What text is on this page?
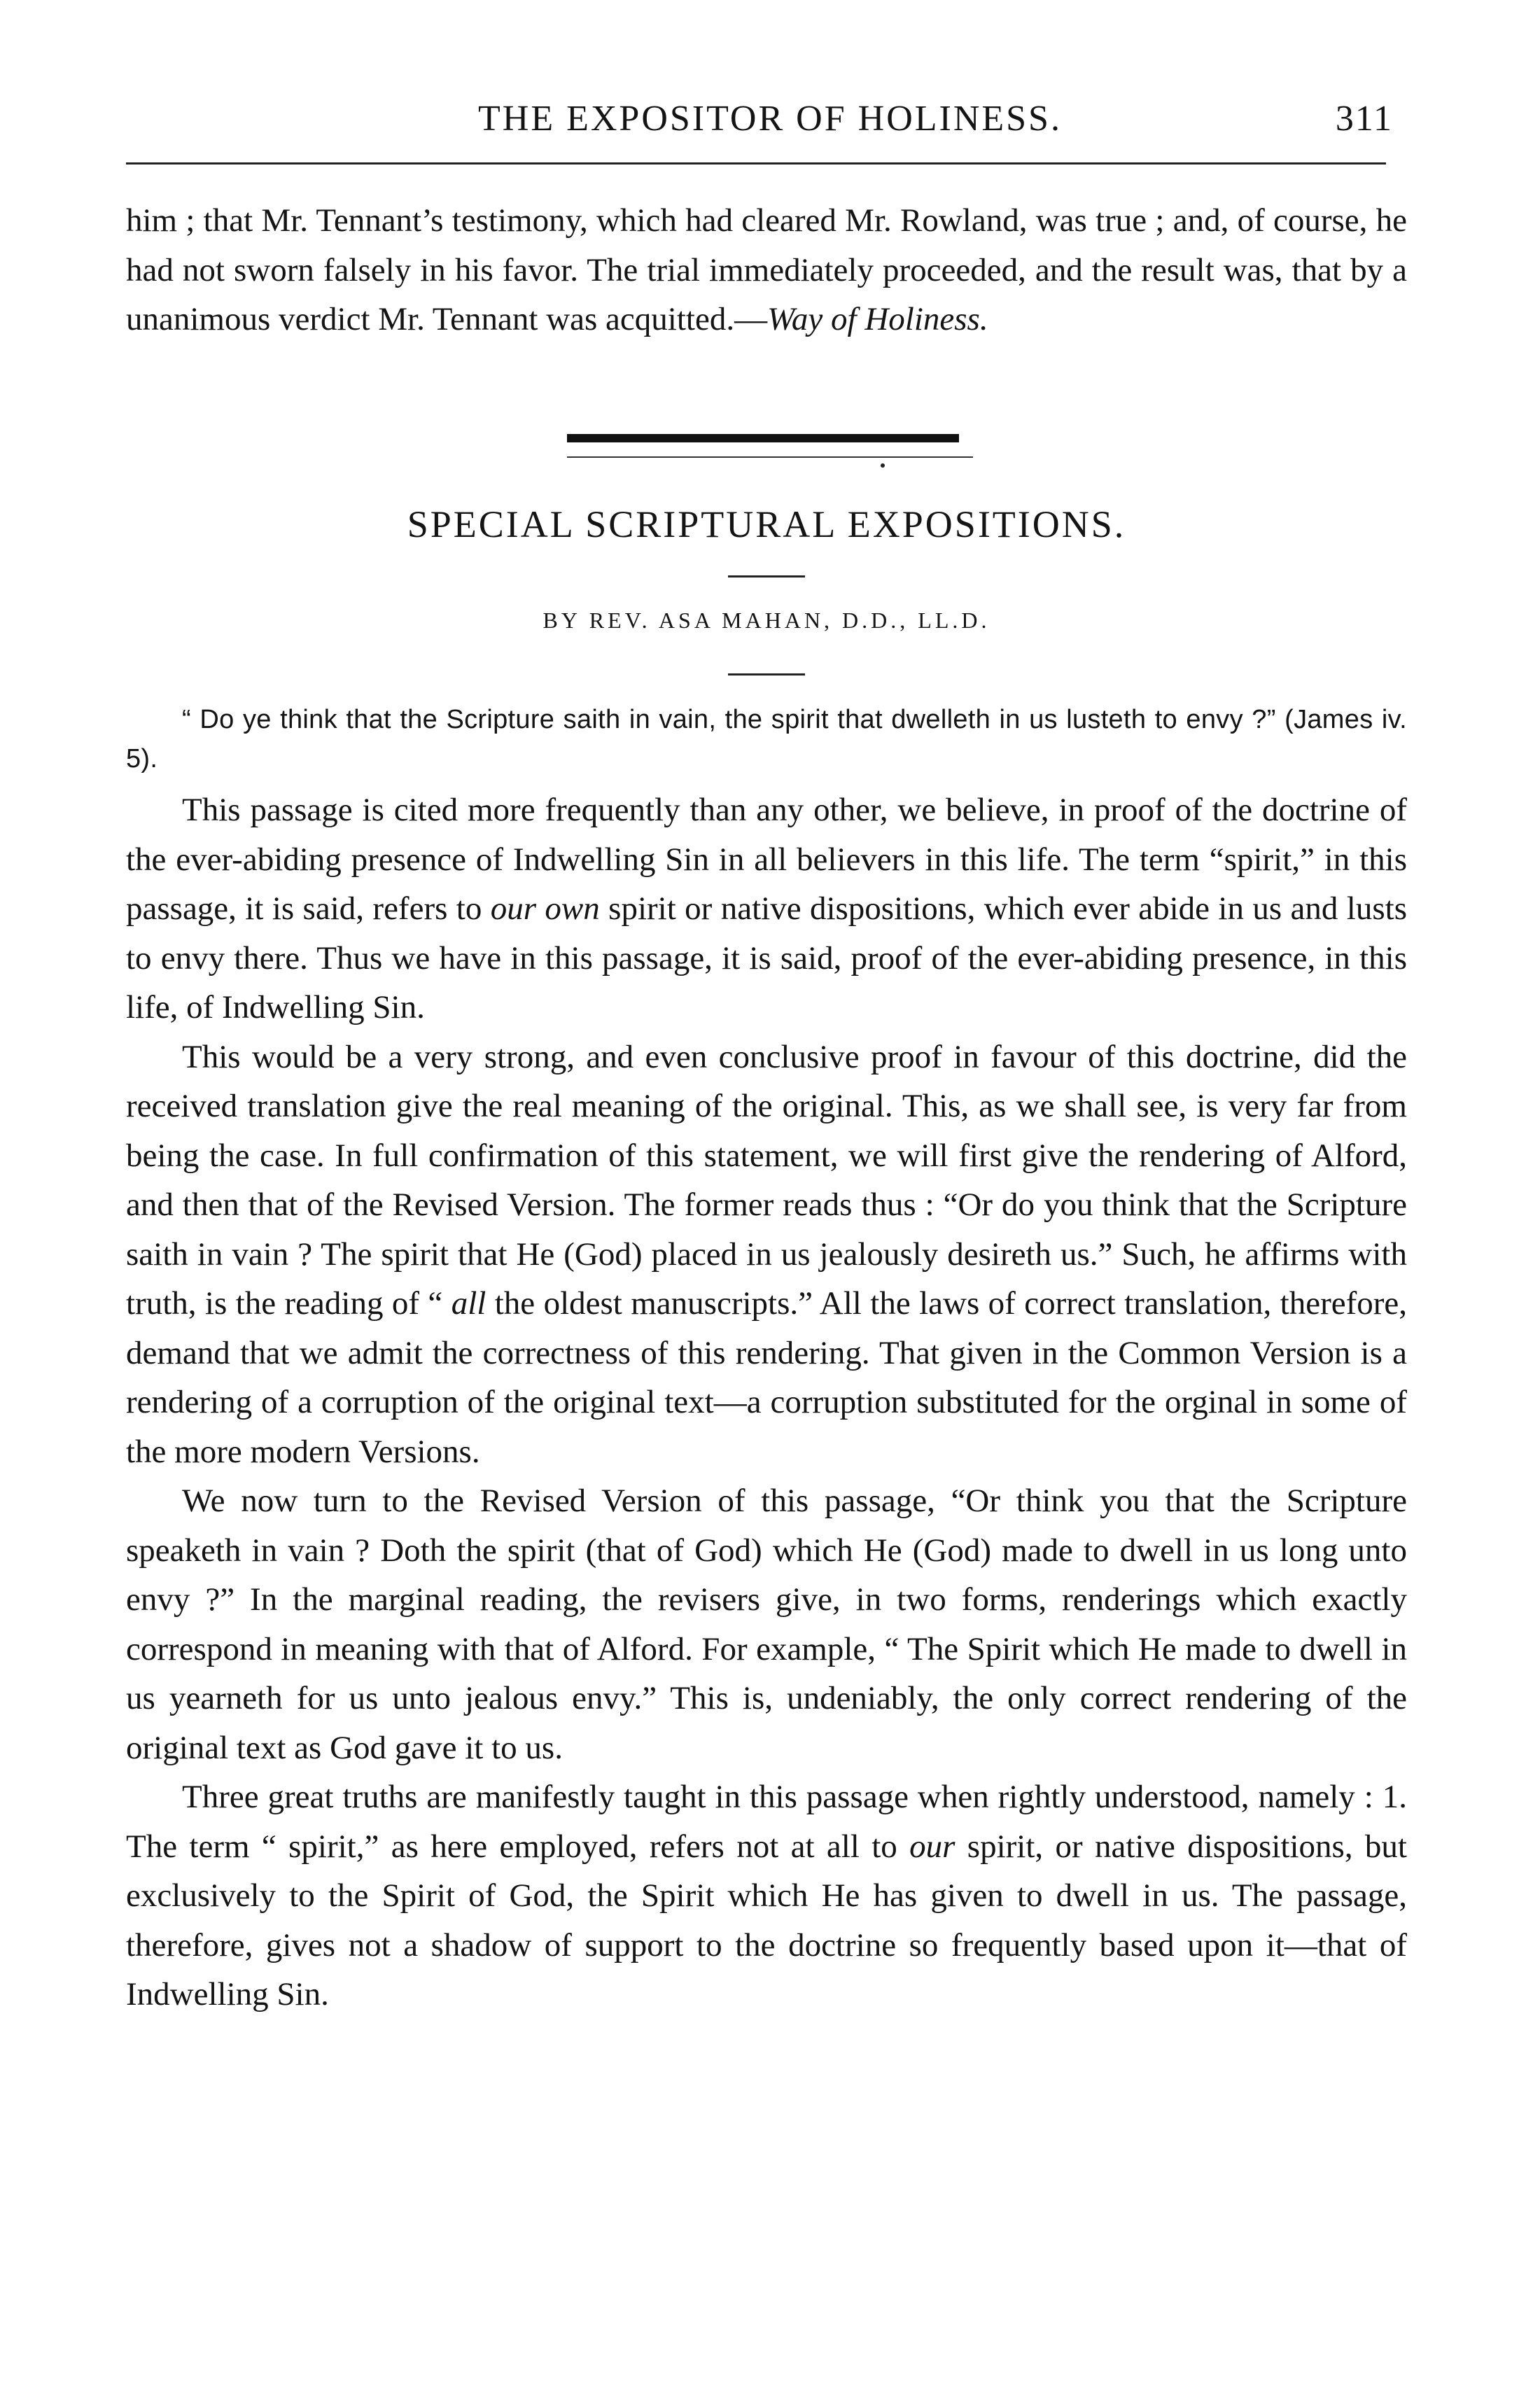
THE EXPOSITOR OF HOLINESS.	311

him ; that Mr. Tennant’s testimony, which had cleared Mr. Rowland, was true ; and, of course, he had not sworn falsely in his favor. The trial immediately proceeded, and the result was, that by a unanimous verdict Mr. Tennant was acquitted.—Way of Holiness.

SPECIAL SCRIPTURAL EXPOSITIONS.
BY REV. ASA MAHAN, D.D., LL.D.

“ Do ye think that the Scripture saith in vain, the spirit that dwelleth in us lusteth to envy ?” (James iv. 5).

This passage is cited more frequently than any other, we believe, in proof of the doctrine of the ever-abiding presence of Indwelling Sin in all believers in this life. The term “spirit,” in this passage, it is said, refers to our own spirit or native dispositions, which ever abide in us and lusts to envy there. Thus we have in this passage, it is said, proof of the ever-abiding presence, in this life, of Indwelling Sin.

This would be a very strong, and even conclusive proof in favour of this doctrine, did the received translation give the real meaning of the original. This, as we shall see, is very far from being the case. In full confirmation of this statement, we will first give the rendering of Alford, and then that of the Revised Version. The former reads thus : “Or do you think that the Scripture saith in vain ? The spirit that He (God) placed in us jealously desireth us.” Such, he affirms with truth, is the reading of “ all the oldest manuscripts.” All the laws of correct translation, therefore, demand that we admit the correctness of this rendering. That given in the Common Version is a rendering of a corruption of the original text—a corruption substituted for the orginal in some of the more modern Versions.

We now turn to the Revised Version of this passage, “Or think you that the Scripture speaketh in vain ? Doth the spirit (that of God) which He (God) made to dwell in us long unto envy ?” In the marginal reading, the revisers give, in two forms, renderings which exactly correspond in meaning with that of Alford. For example, “ The Spirit which He made to dwell in us yearneth for us unto jealous envy.” This is, undeniably, the only correct rendering of the original text as God gave it to us.

Three great truths are manifestly taught in this passage when rightly understood, namely : 1. The term “ spirit,” as here employed, refers not at all to our spirit, or native dispositions, but exclusively to the Spirit of God, the Spirit which He has given to dwell in us. The passage, therefore, gives not a shadow of support to the doctrine so frequently based upon it—that of Indwelling Sin.
